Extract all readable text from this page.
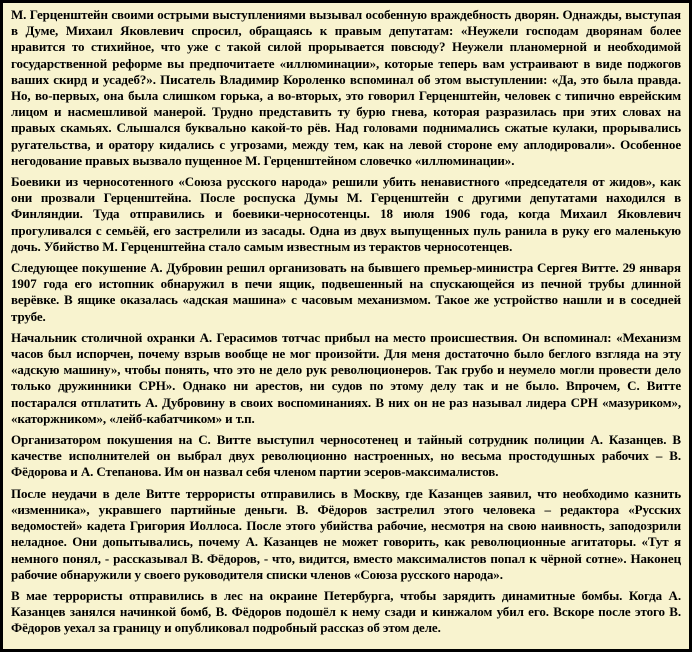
М. Герценштейн своими острыми выступлениями вызывал особенную враждебность дворян. Однажды, выступая в Думе, Михаил Яковлевич спросил, обращаясь к правым депутатам: «Неужели господам дворянам более нравится то стихийное, что уже с такой силой прорывается повсюду? Неужели планомерной и необходимой государственной реформе вы предпочитаете «иллюминации», которые теперь вам устраивают в виде поджогов ваших скирд и усадеб?». Писатель Владимир Короленко вспоминал об этом выступлении: «Да, это была правда. Но, во-первых, она была слишком горька, а во-вторых, это говорил Герценштейн, человек с типично еврейским лицом и насмешливой манерой. Трудно представить ту бурю гнева, которая разразилась при этих словах на правых скамьях. Слышался буквально какой-то рёв. Над головами поднимались сжатые кулаки, прорывались ругательства, и оратору кидались с угрозами, между тем, как на левой стороне ему аплодировали». Особенное негодование правых вызвало пущенное М. Герценштейном словечко «иллюминации».

Боевики из черносотенного «Союза русского народа» решили убить ненавистного «председателя от жидов», как они прозвали Герценштейна. После роспуска Думы М. Герценштейн с другими депутатами находился в Финляндии. Туда отправились и боевики-черносотенцы. 18 июля 1906 года, когда Михаил Яковлевич прогуливался с семьёй, его застрелили из засады. Одна из двух выпущенных пуль ранила в руку его маленькую дочь. Убийство М. Герценштейна стало самым известным из терактов черносотенцев.

Следующее покушение А. Дубровин решил организовать на бывшего премьер-министра Сергея Витте. 29 января 1907 года его истопник обнаружил в печи ящик, подвешенный на спускающейся из печной трубы длинной верёвке. В ящике оказалась «адская машина» с часовым механизмом. Такое же устройство нашли и в соседней трубе.

Начальник столичной охранки А. Герасимов тотчас прибыл на место происшествия. Он вспоминал: «Механизм часов был испорчен, почему взрыв вообще не мог произойти. Для меня достаточно было беглого взгляда на эту «адскую машину», чтобы понять, что это не дело рук революционеров. Так грубо и неумело могли провести дело только дружинники СРН». Однако ни арестов, ни судов по этому делу так и не было. Впрочем, С. Витте постарался отплатить А. Дубровину в своих воспоминаниях. В них он не раз называл лидера СРН «мазуриком», «каторжником», «лейб-кабатчиком» и т.п.

Организатором покушения на С. Витте выступил черносотенец и тайный сотрудник полиции А. Казанцев. В качестве исполнителей он выбрал двух революционно настроенных, но весьма простодушных рабочих – В. Фёдорова и А. Степанова. Им он назвал себя членом партии эсеров-максималистов.

После неудачи в деле Витте террористы отправились в Москву, где Казанцев заявил, что необходимо казнить «изменника», укравшего партийные деньги. В. Фёдоров застрелил этого человека – редактора «Русских ведомостей» кадета Григория Иоллоса. После этого убийства рабочие, несмотря на свою наивность, заподозрили неладное. Они допытывались, почему А. Казанцев не может говорить, как революционные агитаторы. «Тут я немного понял, - рассказывал В. Фёдоров, - что, видится, вместо максималистов попал к чёрной сотне». Наконец рабочие обнаружили у своего руководителя списки членов «Союза русского народа».

В мае террористы отправились в лес на окраине Петербурга, чтобы зарядить динамитные бомбы. Когда А. Казанцев занялся начинкой бомб, В. Фёдоров подошёл к нему сзади и кинжалом убил его. Вскоре после этого В. Фёдоров уехал за границу и опубликовал подробный рассказ об этом деле.
